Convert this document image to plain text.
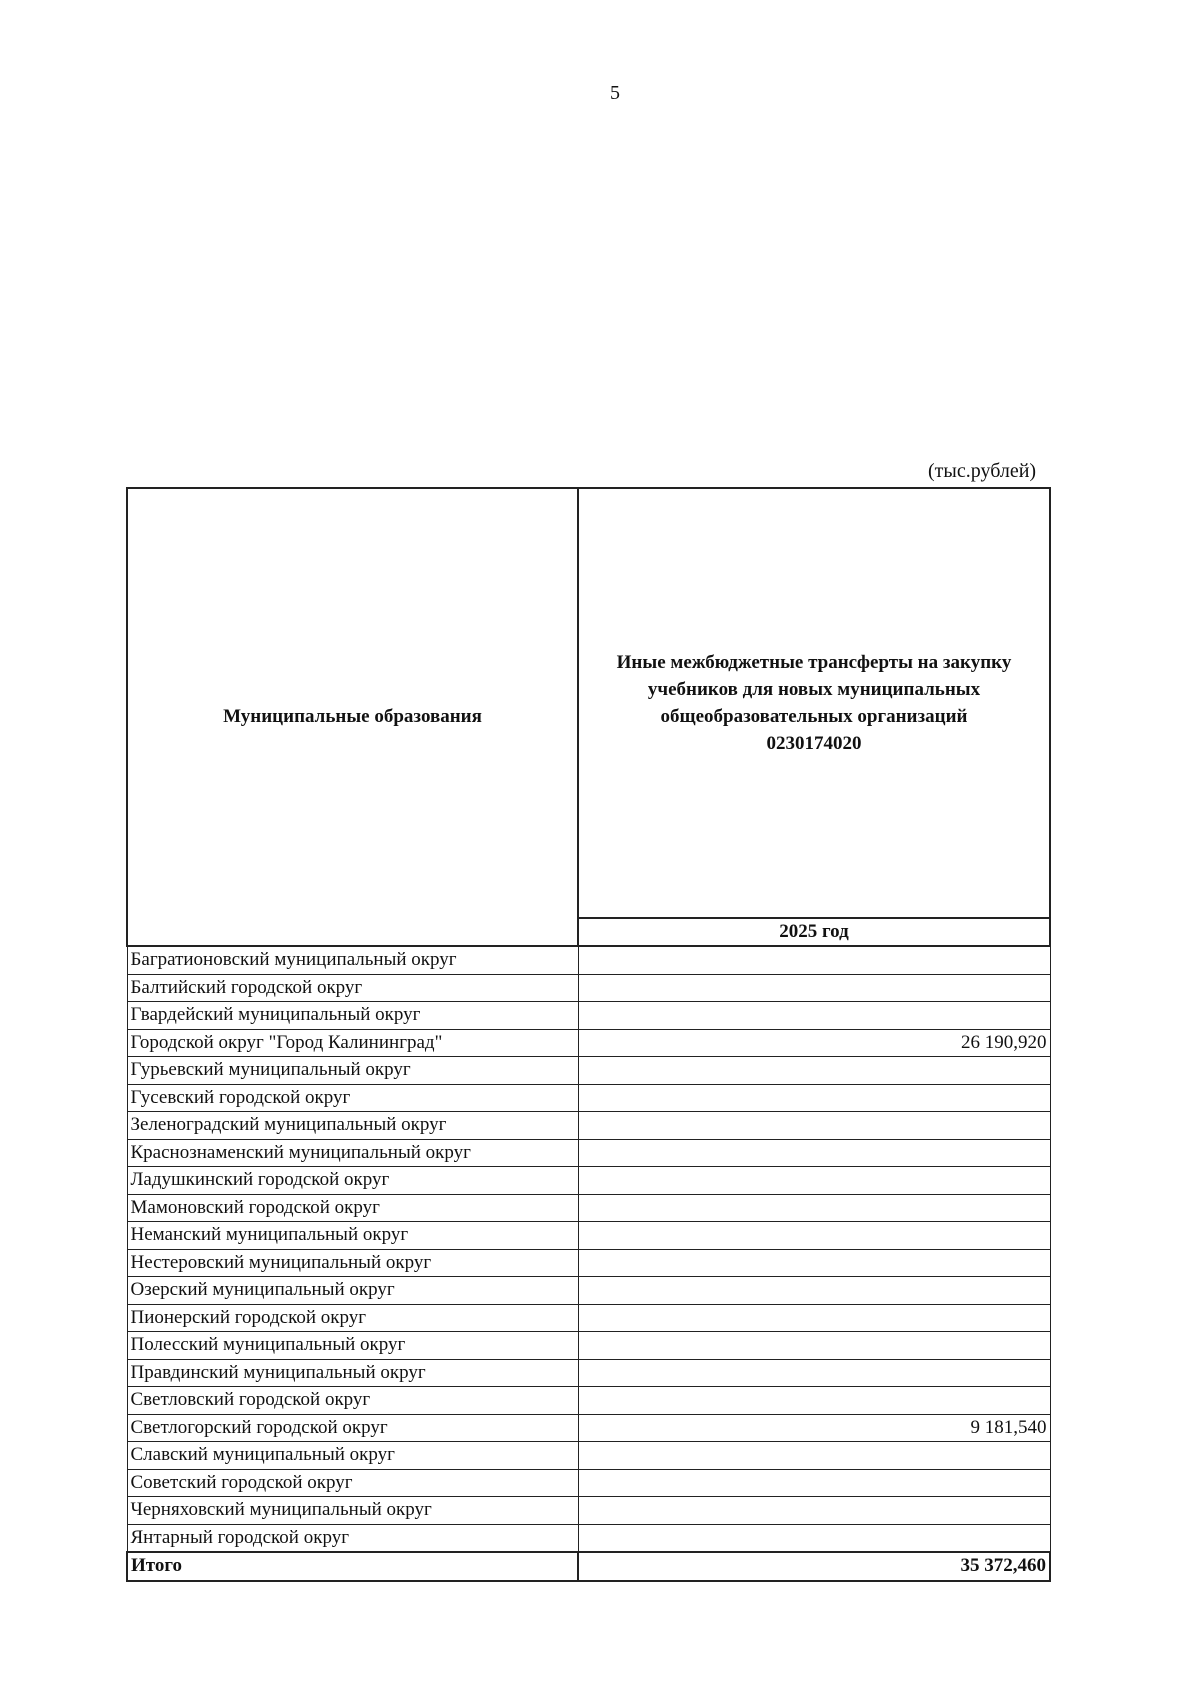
5
(тыс.рублей)
Муниципальные образования	Иные межбюджетные трансферты на закупку
учебников для новых муниципальных
общеобразовательных организаций
0230174020

	2025 год
Багратионовский муниципальный округ	
Балтийский городской округ	
Гвардейский муниципальный округ	
Городской округ "Город Калининград"	26 190,920
Гурьевский муниципальный округ	
Гусевский городской округ	
Зеленоградский муниципальный округ	
Краснознаменский муниципальный округ	
Ладушкинский городской округ	
Мамоновский городской округ	
Неманский муниципальный округ	
Нестеровский муниципальный округ	
Озерский муниципальный округ	
Пионерский городской округ	
Полесский муниципальный округ	
Правдинский муниципальный округ	
Светловский городской округ	
Светлогорский городской округ	9 181,540
Славский муниципальный округ	
Советский городской округ	
Черняховский муниципальный округ	
Янтарный городской округ	
Итого	35 372,460
